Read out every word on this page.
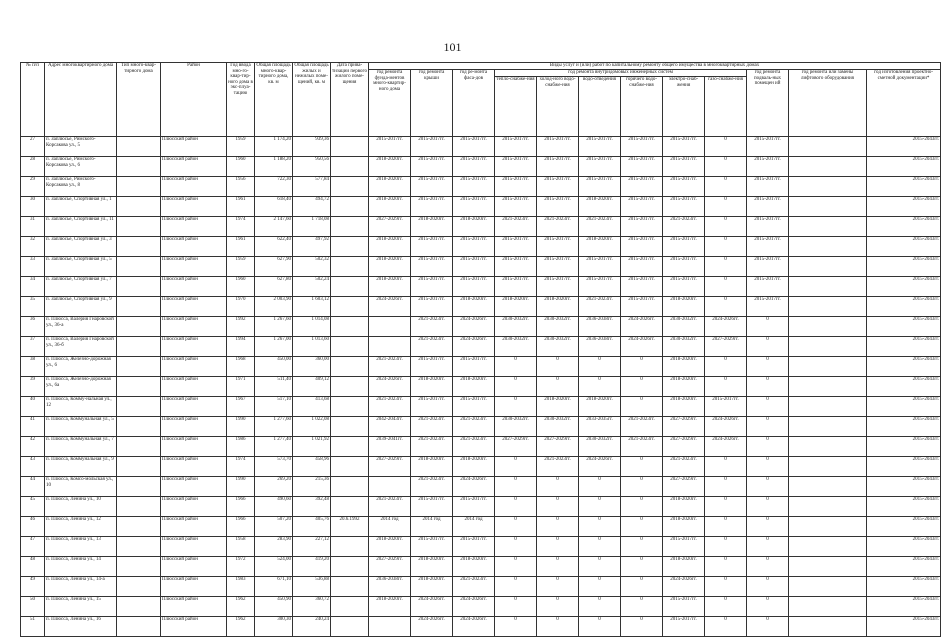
101
№ п/п	Адрес многоквартирного дома	Тип много-квар-тирного дома	Район	Год ввода мно-го-квар-тир-ного дома в экс-плуа-тацию	Общая площадь много-квар-тирного дома, кв. м	Общая площадь жилых и нежилых поме-щений, кв. м	Дата прива-тизации первого жилого поме-щения	Виды услуг и (или) работ по капитальному ремонту общего имущества в многоквартирных домах											
								год ремонта фунда-ментов много-квартир-ного дома	год ремонта крыши	год ре-монта фаса-дов	год ремонта внутридомовых инженерных систем						год ремонта подваль-ных помещен ий	год ремонта или замены лифтового оборудования	год изготовления проектно-сметной документации*
											тепло-снабже-ния	холод-ного водо-снабже-ния	водо-отведения	горячего водо-снабже-ния	электро-снаб-жения	газо-снабже-ния			
27	п. Заплюсье, Римского-Корсакова ул., 5		Плюсский район	1959	1 174,20	939,36		2015-2017гг.	2015-2017гг.	2015-2017гг.	2015-2017гг.	2015-2017гг.	2015-2017гг.	2015-2017гг.	2015-2017гг.	0	2015-2017гг.		2015-2043гг.
28	п. Заплюсье, Римского-Корсакова ул., 6		Плюсский район	1960	1 188,20	950,56		2018-2020гг.	2015-2017гг.	2015-2017гг.	2015-2017гг.	2015-2017гг.	2015-2017гг.	2015-2017гг.	2015-2017гг.	0	2015-2017гг.		2015-2043гг.
29	п. Заплюсье, Римского-Корсакова ул., 8		Плюсский район	1956	722,30	577,84		2018-2020гг.	2015-2017гг.	2015-2017гг.	2015-2017гг.	2015-2017гг.	2015-2017гг.	2015-2017гг.	2015-2017гг.	0	2015-2017гг.		2015-2043гг.
30	п. Заплюсье, Спортивная ул., 1		Плюсский район	1961	618,40	494,72		2018-2020гг.	2015-2017гг.	2015-2017гг.	2015-2017гг.	2015-2017гг.	2018-2020гг.	2015-2017гг.	2015-2017гг.	0	2015-2017гг.		2015-2043гг.
31	п. Заплюсье, Спортивная ул., 11		Плюсский район	1974	2 147,60	1 718,08		2027-2029гг.	2018-2020гг.	2018-2020гг.	2021-2023гг.	2021-2023гг.	2021-2023гг.	2015-2017гг.	2021-2023гг.	0	2015-2017гг.		2015-2043гг.
32	п. Заплюсье, Спортивная ул., 3		Плюсский район	1961	622,40	497,92		2018-2020гг.	2015-2017гг.	2015-2017гг.	2015-2017гг.	2015-2017гг.	2018-2020гг.	2015-2017гг.	2015-2017гг.	0	2015-2017гг.		2015-2043гг.
33	п. Заплюсье, Спортивная ул., 5		Плюсский район	1959	627,90	502,32		2018-2020гг.	2015-2017гг.	2015-2017гг.	2015-2017гг.	2015-2017гг.	2015-2017гг.	2015-2017гг.	2015-2017гг.	0	2015-2017гг.		2015-2043гг.
34	п. Заплюсье, Спортивная ул., 7		Плюсский район	1960	627,80	502,24		2018-2020гг.	2015-2017гг.	2015-2017гг.	2015-2017гг.	2015-2017гг.	2015-2017гг.	2015-2017гг.	2015-2017гг.	0	2015-2017гг.		2015-2043гг.
35	п. Заплюсье, Спортивная ул., 9		Плюсский район	1970	2 003,90	1 603,12		2024-2026гг.	2015-2017гг.	2018-2020гг.	2018-2020гг.	2018-2020гг.	2021-2023гг.	2015-2017гг.	2018-2020гг.	0	2015-2017гг.		2015-2043гг.
36	п. Плюсса, Валерия Гнаровской ул., 36-а		Плюсский район	1992	1 267,60	1 014,08			2021-2023гг.	2024-2026гг.	2030-2032гг.	2030-2032гг.	2036-2038гг.	2024-2026гг.	2030-2032гг.	2024-2026гг.	0		2015-2043гг.
37	п. Плюсса, Валерия Гнаровской ул., 36-б		Плюсский район	1994	1 267,00	1 013,60			2021-2023гг.	2024-2026гг.	2030-2032гг.	2030-2032гг.	2036-2038гг.	2024-2026гг.	2030-2032гг.	2027-2029гг.	0		2015-2043гг.
38	п. Плюсса, Железно-дорожная ул., 6		Плюсский район	1968	450,00	360,00		2021-2023гг.	2015-2017гг.	2015-2017гг.	0	0	0	0	2018-2020гг.	0	0		2015-2043гг.
39	п. Плюсса, Железно-дорожная ул., 6а		Плюсский район	1971	511,40	409,12		2024-2026гг.	2018-2020гг.	2018-2020гг.	0	0	0	0	2018-2020гг.	0	0		2015-2043гг.
40	п. Плюсса, Комму-нальная ул., 12		Плюсский район	1967	517,10	413,68		2021-2023гг.	2015-2017гг.	2015-2017гг.	0	2018-2020гг.	2018-2020гг.	0	2018-2020гг.	2015-2017гг.	0		2015-2043гг.
41	п. Плюсса, Коммунальная ул., 5		Плюсский район	1990	1 277,60	1 022,08		2042-2043гг.	2021-2023гг.	2021-2023гг.	2030-2032гг.	2030-2032гг.	2033-2035гг.	2021-2023гг.	2027-2029гг.	2024-2026гг.	0		2015-2043гг.
42	п. Плюсса, Коммунальная ул., 7		Плюсский район	1986	1 277,40	1 021,92		2039-2041гг.	2021-2023гг.	2021-2023гг.	2027-2029гг.	2027-2029гг.	2030-2032гг.	2021-2023гг.	2027-2029гг.	2024-2026гг.	0		2015-2043гг.
43	п. Плюсса, Коммунальная ул., 9		Плюсский район	1974	573,70	458,96		2027-2029гг.	2018-2020гг.	2018-2020гг.	0	2021-2023гг.	2024-2026гг.	0	2021-2023гг.	0	0		2015-2043гг.
44	п. Плюсса, Комсо-мольская ул., 10		Плюсский район	1990	269,20	215,36			2021-2023гг.	2024-2026гг.	0	0	0	0	2027-2029гг.	0	0		2015-2043гг.
45	п. Плюсса, Ленина ул., 10		Плюсский район	1966	490,60	392,48		2021-2023гг.	2015-2017гг.	2015-2017гг.	0	0	0	0	2018-2020гг.	0	0		2015-2043гг.
46	п. Плюсса, Ленина ул., 12		Плюсский район	1966	507,20	405,76	20.6.1992	2014 год	2014 год	2014 год	0	0	0	0	2018-2020гг.	0	0		2015-2043гг.
47	п. Плюсса, Ленина ул., 13		Плюсский район	1958	283,90	227,12		2018-2020гг.	2015-2017гг.	2015-2017гг.	0	0	0	0	2015-2017гг.	0	0		2015-2043гг.
48	п. Плюсса, Ленина ул., 14		Плюсский район	1972	524,00	419,20		2027-2029гг.	2018-2020гг.	2018-2020гг.	0	0	0	0	2018-2020гг.	0	0		2015-2043гг.
49	п. Плюсса, Ленина ул., 14-а		Плюсский район	1983	671,10	536,88		2036-2038гг.	2018-2020гг.	2021-2023гг.	0	0	0	0	2024-2026гг.	0	0		2015-2043гг.
50	п. Плюсса, Ленина ул., 15		Плюсский район	1962	450,90	360,72		2018-2020гг.	2024-2026гг.	2024-2026гг.	0	0	0	0	2015-2017гг.	0	0		2015-2043гг.
51	п. Плюсса, Ленина ул., 16		Плюсский район	1962	300,30	240,24			2024-2026гг.	2024-2026гг.	0	0	0	0	2015-2017гг.	0	0		2015-2043гг.
